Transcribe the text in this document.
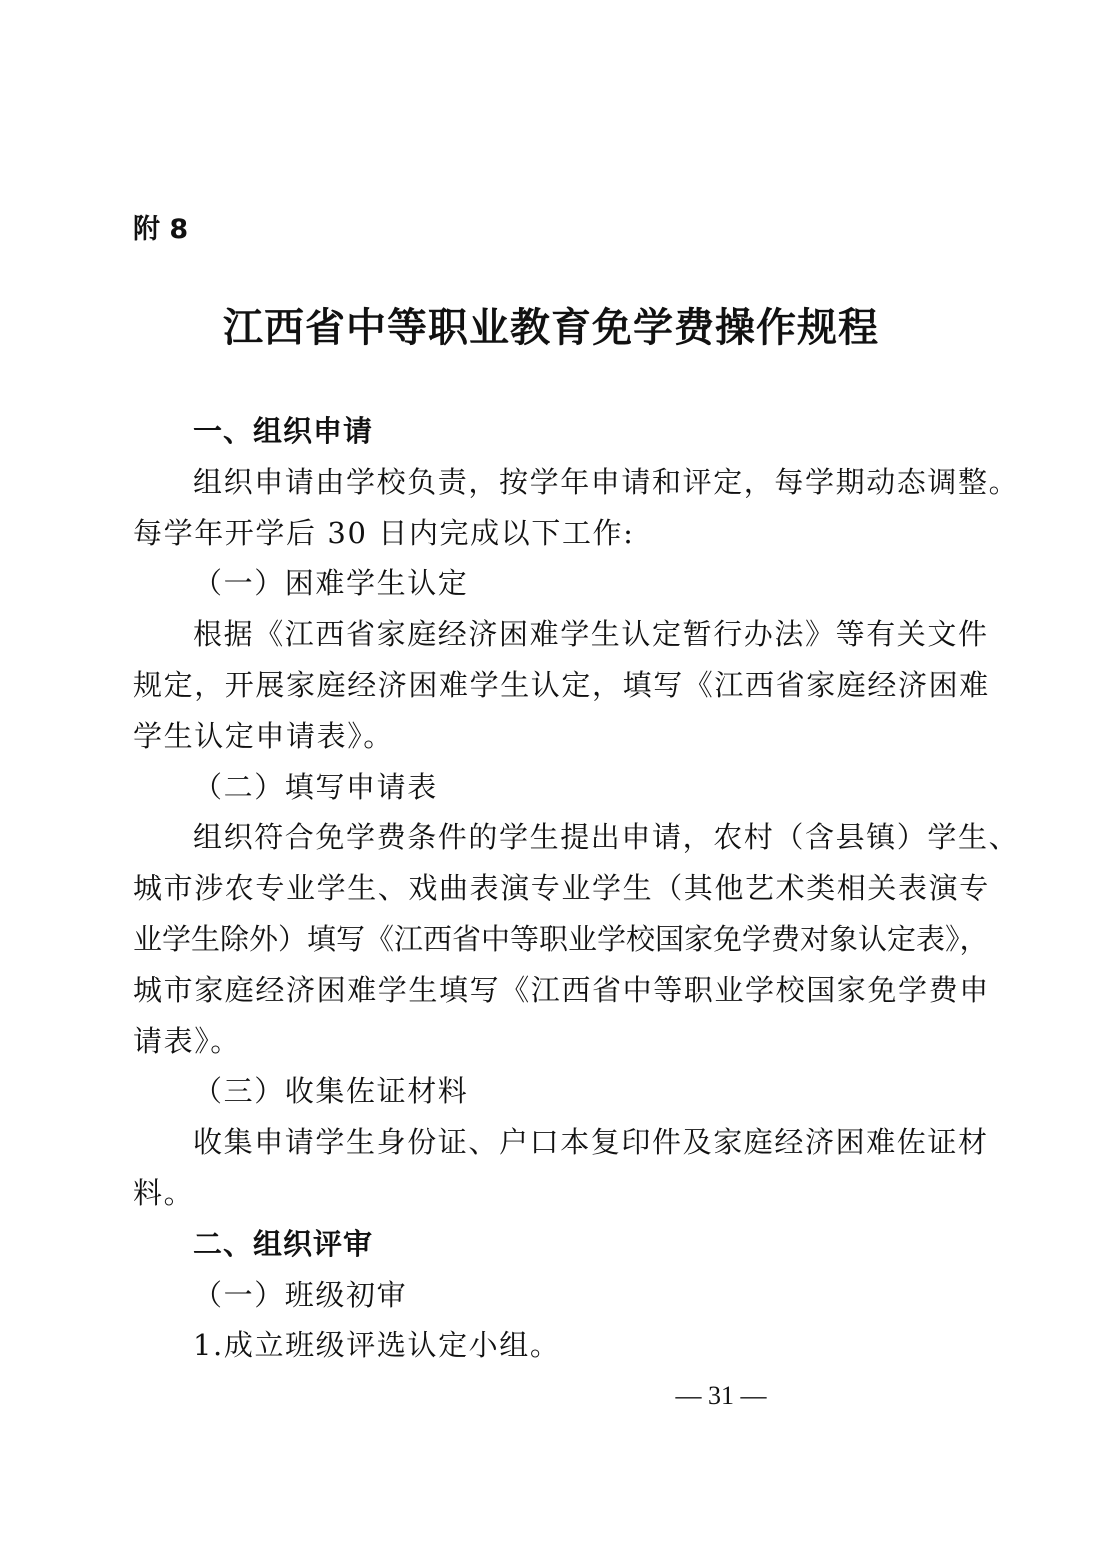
附 8
江西省中等职业教育免学费操作规程
一、组织申请
组织申请由学校负责，按学年申请和评定，每学期动态调整。
每学年开学后 30 日内完成以下工作:
（一）困难学生认定
根据《江西省家庭经济困难学生认定暂行办法》等有关文件
规定，开展家庭经济困难学生认定，填写《江西省家庭经济困难
学生认定申请表》。
（二）填写申请表
组织符合免学费条件的学生提出申请，农村（含县镇）学生、
城市涉农专业学生、戏曲表演专业学生（其他艺术类相关表演专
业学生除外）填写《江西省中等职业学校国家免学费对象认定表》，
城市家庭经济困难学生填写《江西省中等职业学校国家免学费申
请表》。
（三）收集佐证材料
收集申请学生身份证、户口本复印件及家庭经济困难佐证材
料。
二、组织评审
（一）班级初审
1.成立班级评选认定小组。
— 31 —
